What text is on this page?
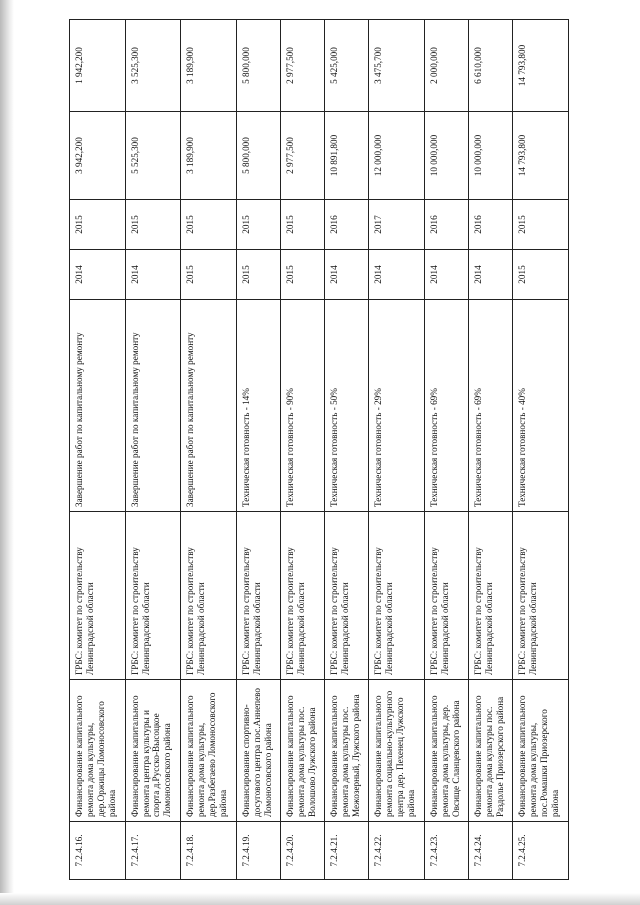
7.2.4.16.	Финансирование капитального ремонта дома культуры, дер.Оржицы Ломоносовского района	ГРБС: комитет по строительству Ленинградской области	Завершение работ по капитальному ремонту	2014	2015	3 942,200	1 942,200
7.2.4.17.	Финансирование капитального ремонта центра культуры и спорта д.Русско-Высоцкое Ломоносовского района	ГРБС: комитет по строительству Ленинградской области	Завершение работ по капитальному ремонту	2014	2015	5 525,300	3 525,300
7.2.4.18.	Финансирование капитального ремонта дома культуры, дер.Разбегаево Ломоносовского района	ГРБС: комитет по строительству Ленинградской области	Завершение работ по капитальному ремонту	2015	2015	3 189,900	3 189,900
7.2.4.19.	Финансирование спортивно-досугового центра пос.Аннепево Ломоносовского района	ГРБС: комитет по строительству Ленинградской области	Техническая готовность - 14%	2015	2015	5 800,000	5 800,000
7.2.4.20.	Финансирование капитального ремонта дома культуры пос. Волошово Лужского района	ГРБС: комитет по строительству Ленинградской области	Техническая готовность - 90%	2015	2015	2 977,500	2 977,500
7.2.4.21.	Финансирование капитального ремонта дома культуры пос. Межозерный, Лужского района	ГРБС: комитет по строительству Ленинградской области	Техническая готовность - 50%	2014	2016	10 891,800	5 425,000
7.2.4.22.	Финансирование капитального ремонта социально-культурного центра дер. Пехенец Лужского района	ГРБС: комитет по строительству Ленинградской области	Техническая готовность - 29%	2014	2017	12 000,000	3 475,700
7.2.4.23.	Финансирование капитального ремонта дома культуры, дер. Овсище Сланцевского района	ГРБС: комитет по строительству Ленинградской области	Техническая готовность - 69%	2014	2016	10 000,000	2 000,000
7.2.4.24.	Финансирование капитального ремонта дома культуры пос. Раздолье Приозерского района	ГРБС: комитет по строительству Ленинградской области	Техническая готовность - 69%	2014	2016	10 000,000	6 610,000
7.2.4.25.	Финансирование капитального ремонта дома культуры, пос.Ромашки Приозерского района	ГРБС: комитет по строительству Ленинградской области	Техническая готовность - 40%	2015	2015	14 793,800	14 793,800
